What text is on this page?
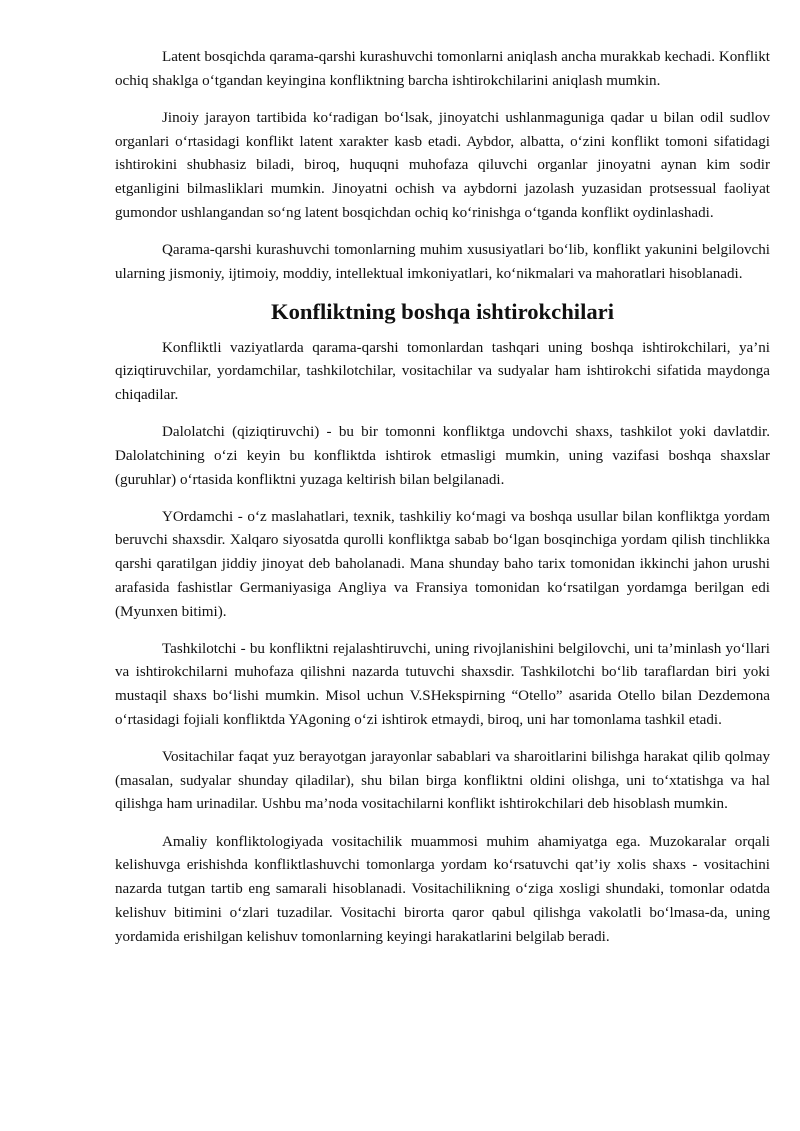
Latent bosqichda qarama-qarshi kurashuvchi tomonlarni aniqlash ancha murakkab kechadi. Konflikt ochiq shaklga o‘tgandan keyingina konfliktning barcha ishtirokchilarini aniqlash mumkin.

Jinoiy jarayon tartibida ko‘radigan bo‘lsak, jinoyatchi ushlanmaguniga qadar u bilan odil sudlov organlari o‘rtasidagi konflikt latent xarakter kasb etadi. Aybdor, albatta, o‘zini konflikt tomoni sifatidagi ishtirokini shubhasiz biladi, biroq, huquqni muhofaza qiluvchi organlar jinoyatni aynan kim sodir etganligini bilmasliklari mumkin. Jinoyatni ochish va aybdorni jazolash yuzasidan protsessual faoliyat gumondor ushlangandan so‘ng latent bosqichdan ochiq ko‘rinishga o‘tganda konflikt oydinlashadi.

Qarama-qarshi kurashuvchi tomonlarning muhim xususiyatlari bo‘lib, konflikt yakunini belgilovchi ularning jismoniy, ijtimoiy, moddiy, intellektual imkoniyatlari, ko‘nikmalari va mahoratlari hisoblanadi.

Konfliktning boshqa ishtirokchilari

Konfliktli vaziyatlarda qarama-qarshi tomonlardan tashqari uning boshqa ishtirokchilari, ya’ni qiziqtiruvchilar, yordamchilar, tashkilotchilar, vositachilar va sudyalar ham ishtirokchi sifatida maydonga chiqadilar.

Dalolatchi (qiziqtiruvchi) - bu bir tomonni konfliktga undovchi shaxs, tashkilot yoki davlatdir. Dalolatchining o‘zi keyin bu konfliktda ishtirok etmasligi mumkin, uning vazifasi boshqa shaxslar (guruhlar) o‘rtasida konfliktni yuzaga keltirish bilan belgilanadi.

YOrdamchi - o‘z maslahatlari, texnik, tashkiliy ko‘magi va boshqa usullar bilan konfliktga yordam beruvchi shaxsdir. Xalqaro siyosatda qurolli konfliktga sabab bo‘lgan bosqinchiga yordam qilish tinchlikka qarshi qaratilgan jiddiy jinoyat deb baholanadi. Mana shunday baho tarix tomonidan ikkinchi jahon urushi arafasida fashistlar Germaniyasiga Angliya va Fransiya tomonidan ko‘rsatilgan yordamga berilgan edi (Myunxen bitimi).

Tashkilotchi - bu konfliktni rejalashtiruvchi, uning rivojlanishini belgilovchi, uni ta’minlash yo‘llari va ishtirokchilarni muhofaza qilishni nazarda tutuvchi shaxsdir. Tashkilotchi bo‘lib taraflardan biri yoki mustaqil shaxs bo‘lishi mumkin. Misol uchun V.SHekspirning “Otello” asarida Otello bilan Dezdemona o‘rtasidagi fojiali konfliktda YAgoning o‘zi ishtirok etmaydi, biroq, uni har tomonlama tashkil etadi.

Vositachilar faqat yuz berayotgan jarayonlar sabablari va sharoitlarini bilishga harakat qilib qolmay (masalan, sudyalar shunday qiladilar), shu bilan birga konfliktni oldini olishga, uni to‘xtatishga va hal qilishga ham urinadilar. Ushbu ma’noda vositachilarni konflikt ishtirokchilari deb hisoblash mumkin.

Amaliy konfliktologiyada vositachilik muammosi muhim ahamiyatga ega. Muzokaralar orqali kelishuvga erishishda konfliktlashuvchi tomonlarga yordam ko‘rsatuvchi qat’iy xolis shaxs - vositachini nazarda tutgan tartib eng samarali hisoblanadi. Vositachilikning o‘ziga xosligi shundaki, tomonlar odatda kelishuv bitimini o‘zlari tuzadilar. Vositachi birorta qaror qabul qilishga vakolatli bo‘lmasa-da, uning yordamida erishilgan kelishuv tomonlarning keyingi harakatlarini belgilab beradi.
